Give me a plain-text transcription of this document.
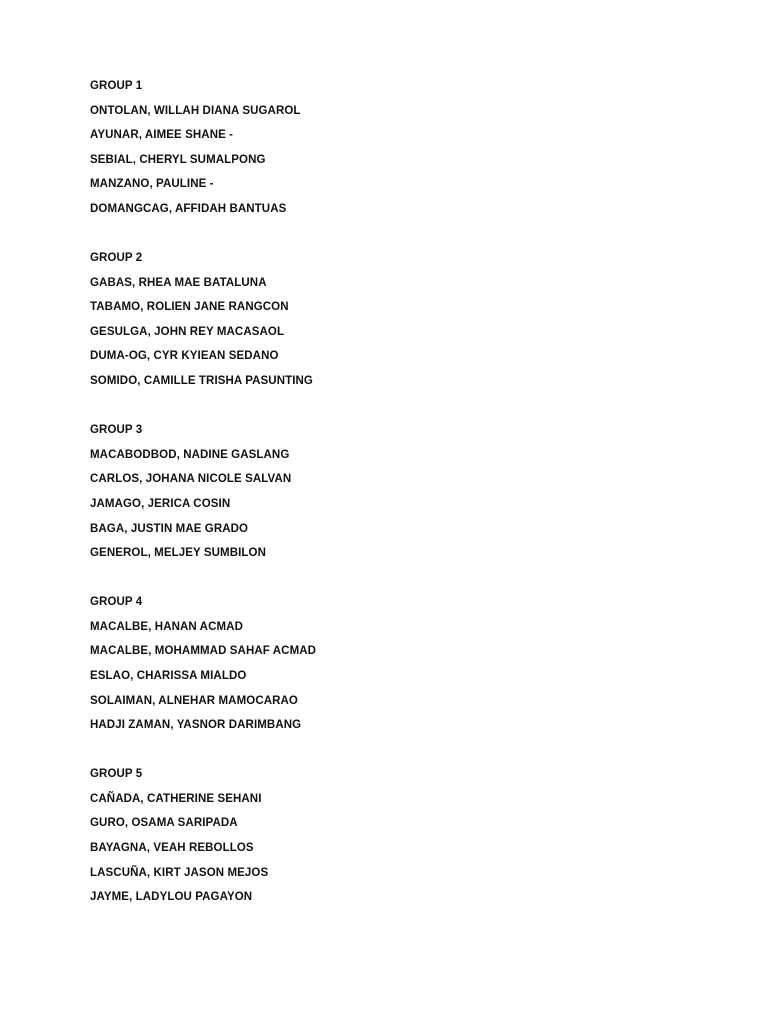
GROUP 1
ONTOLAN, WILLAH DIANA SUGAROL
AYUNAR, AIMEE SHANE -
SEBIAL, CHERYL SUMALPONG
MANZANO, PAULINE -
DOMANGCAG, AFFIDAH BANTUAS
GROUP 2
GABAS, RHEA MAE BATALUNA
TABAMO, ROLIEN JANE RANGCON
GESULGA, JOHN REY MACASAOL
DUMA-OG, CYR KYIEAN SEDANO
SOMIDO, CAMILLE TRISHA PASUNTING
GROUP 3
MACABODBOD, NADINE GASLANG
CARLOS, JOHANA NICOLE SALVAN
JAMAGO, JERICA COSIN
BAGA, JUSTIN MAE GRADO
GENEROL, MELJEY SUMBILON
GROUP 4
MACALBE, HANAN ACMAD
MACALBE, MOHAMMAD SAHAF ACMAD
ESLAO, CHARISSA MIALDO
SOLAIMAN, ALNEHAR MAMOCARAO
HADJI ZAMAN, YASNOR DARIMBANG
GROUP 5
CAÑADA, CATHERINE SEHANI
GURO, OSAMA SARIPADA
BAYAGNA, VEAH REBOLLOS
LASCUÑA, KIRT JASON MEJOS
JAYME, LADYLOU PAGAYON
